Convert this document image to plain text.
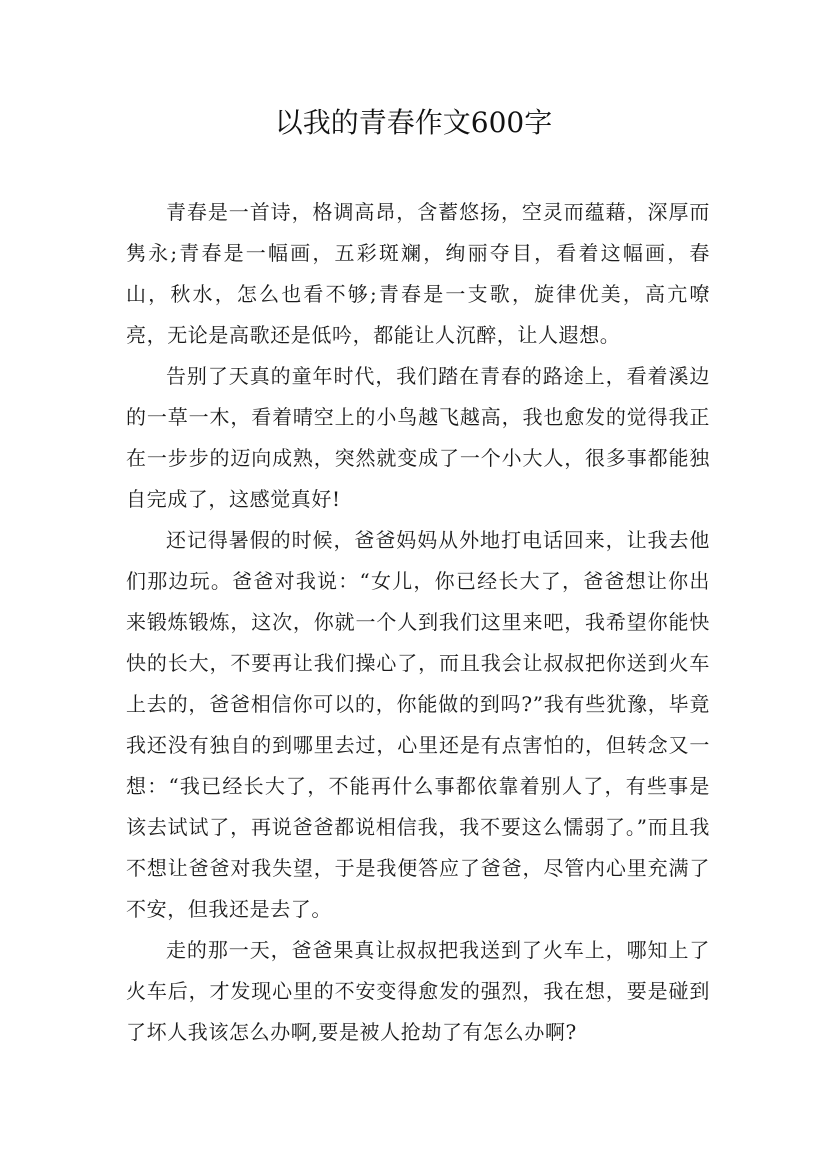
以我的青春作文600字

青春是一首诗，格调高昂，含蓄悠扬，空灵而蕴藉，深厚而隽永;青春是一幅画，五彩斑斓，绚丽夺目，看着这幅画，春山，秋水，怎么也看不够;青春是一支歌，旋律优美，高亢嘹亮，无论是高歌还是低吟，都能让人沉醉，让人遐想。

告别了天真的童年时代，我们踏在青春的路途上，看着溪边的一草一木，看着晴空上的小鸟越飞越高，我也愈发的觉得我正在一步步的迈向成熟，突然就变成了一个小大人，很多事都能独自完成了，这感觉真好!

还记得暑假的时候，爸爸妈妈从外地打电话回来，让我去他们那边玩。爸爸对我说：“女儿，你已经长大了，爸爸想让你出来锻炼锻炼，这次，你就一个人到我们这里来吧，我希望你能快快的长大，不要再让我们操心了，而且我会让叔叔把你送到火车上去的，爸爸相信你可以的，你能做的到吗?”我有些犹豫，毕竟我还没有独自的到哪里去过，心里还是有点害怕的，但转念又一想：“我已经长大了，不能再什么事都依靠着别人了，有些事是该去试试了，再说爸爸都说相信我，我不要这么懦弱了。”而且我不想让爸爸对我失望，于是我便答应了爸爸，尽管内心里充满了不安，但我还是去了。

走的那一天，爸爸果真让叔叔把我送到了火车上，哪知上了火车后，才发现心里的不安变得愈发的强烈，我在想，要是碰到了坏人我该怎么办啊,要是被人抢劫了有怎么办啊?
